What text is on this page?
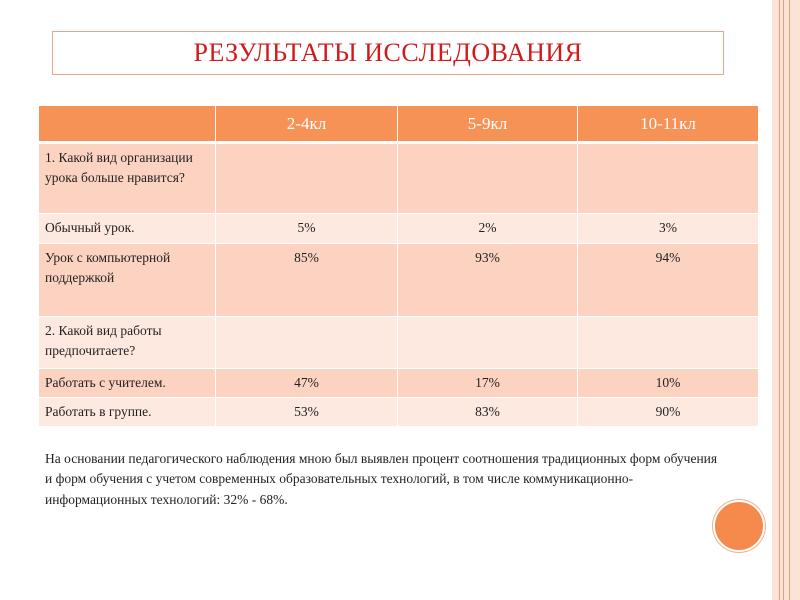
РЕЗУЛЬТАТЫ ИССЛЕДОВАНИЯ
	2-4кл	5-9кл	10-11кл
1. Какой вид организации урока больше нравится?			
Обычный урок.	5%	2%	3%
Урок с компьютерной поддержкой	85%	93%	94%
2. Какой вид работы предпочитаете?			
Работать с учителем.	47%	17%	10%
Работать в группе.	53%	83%	90%
На основании педагогического наблюдения мною был выявлен процент соотношения традиционных форм обучения и форм обучения с учетом современных образовательных технологий, в том числе коммуникационно-информационных технологий: 32% - 68%.
